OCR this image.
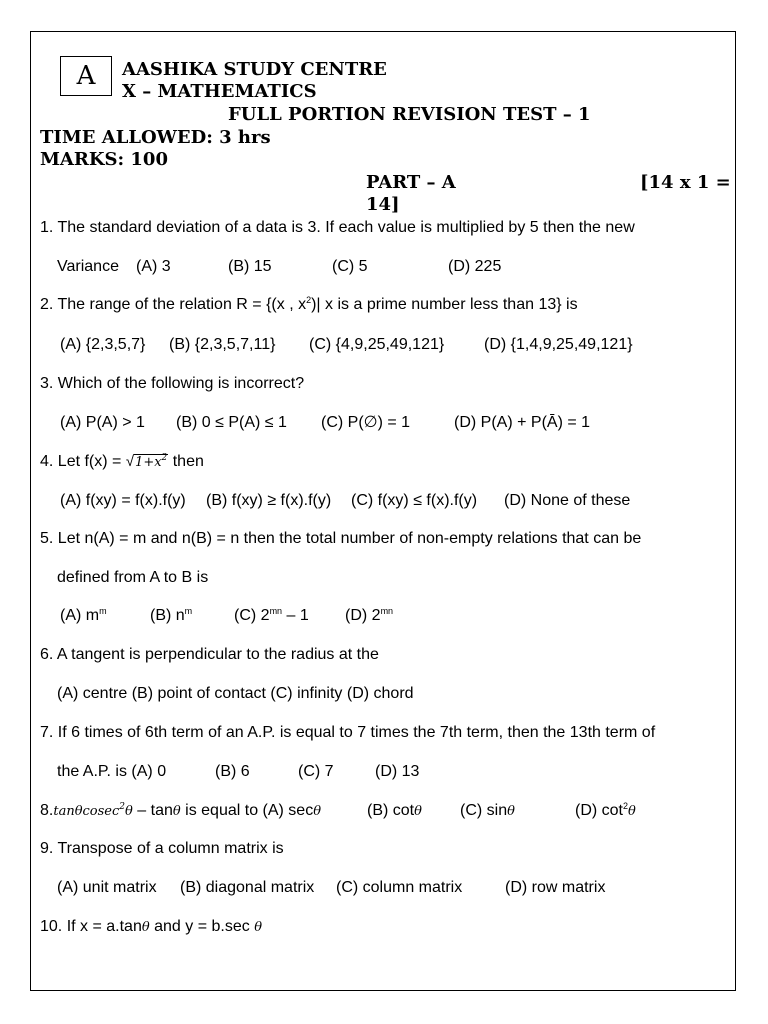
A	AASHIKA STUDY CENTRE
X – MATHEMATICS
FULL PORTION REVISION TEST – 1
TIME ALLOWED: 3 hrs
MARKS: 100
PART – A	[14 x 1 =
14]
1. The standard deviation of a data is 3. If each value is multiplied by 5 then the new
Variance (A) 3	(B) 15	(C) 5	(D) 225
2. The range of the relation R = {(x , $x^2)|$ x is a prime number less than 13} is
(A) {2,3,5,7} (B) {2,3,5,7,11} (C) {4,9,25,49,121} (D) {1,4,9,25,49,121}
3. Which of the following is incorrect?
(A) P(A) > 1 (B) 0 ≤ P(A) ≤ 1 (C) P(∅) = 1	(D) P(A) + P(Ā) = 1
4. Let $f(x) = √1+x^2$ then
(A) f(xy) = f(x).f(y) (B) f(xy) ≥ f(x).f(y) (C) f(xy) ≤ f(x).f(y) (D) None of these
5. Let n(A) = m and n(B) = n then the total number of non-empty relations that can be
defined from A to B is
(A) $m^m$	(B) $n^m$	(C) $2^{mn} - 1$ (D) $2^{mn}$
6. A tangent is perpendicular to the radius at the
(A) centre (B) point of contact (C) infinity (D) chord
7. If 6 times of 6th term of an A.P. is equal to 7 times the 7th term, then the 13th term of
the A.P. is (A) 0	(B) 6	(C) 7	(D) 13
8.tanθcosec$^2$θ – tanθ is equal to (A) secθ	(B) cotθ (C) sinθ	(D) $\cot^2\theta$
9. Transpose of a column matrix is
(A) unit matrix (B) diagonal matrix (C) column matrix	(D) row matrix
10. If x = a.tanθ and y = b.sec θ
